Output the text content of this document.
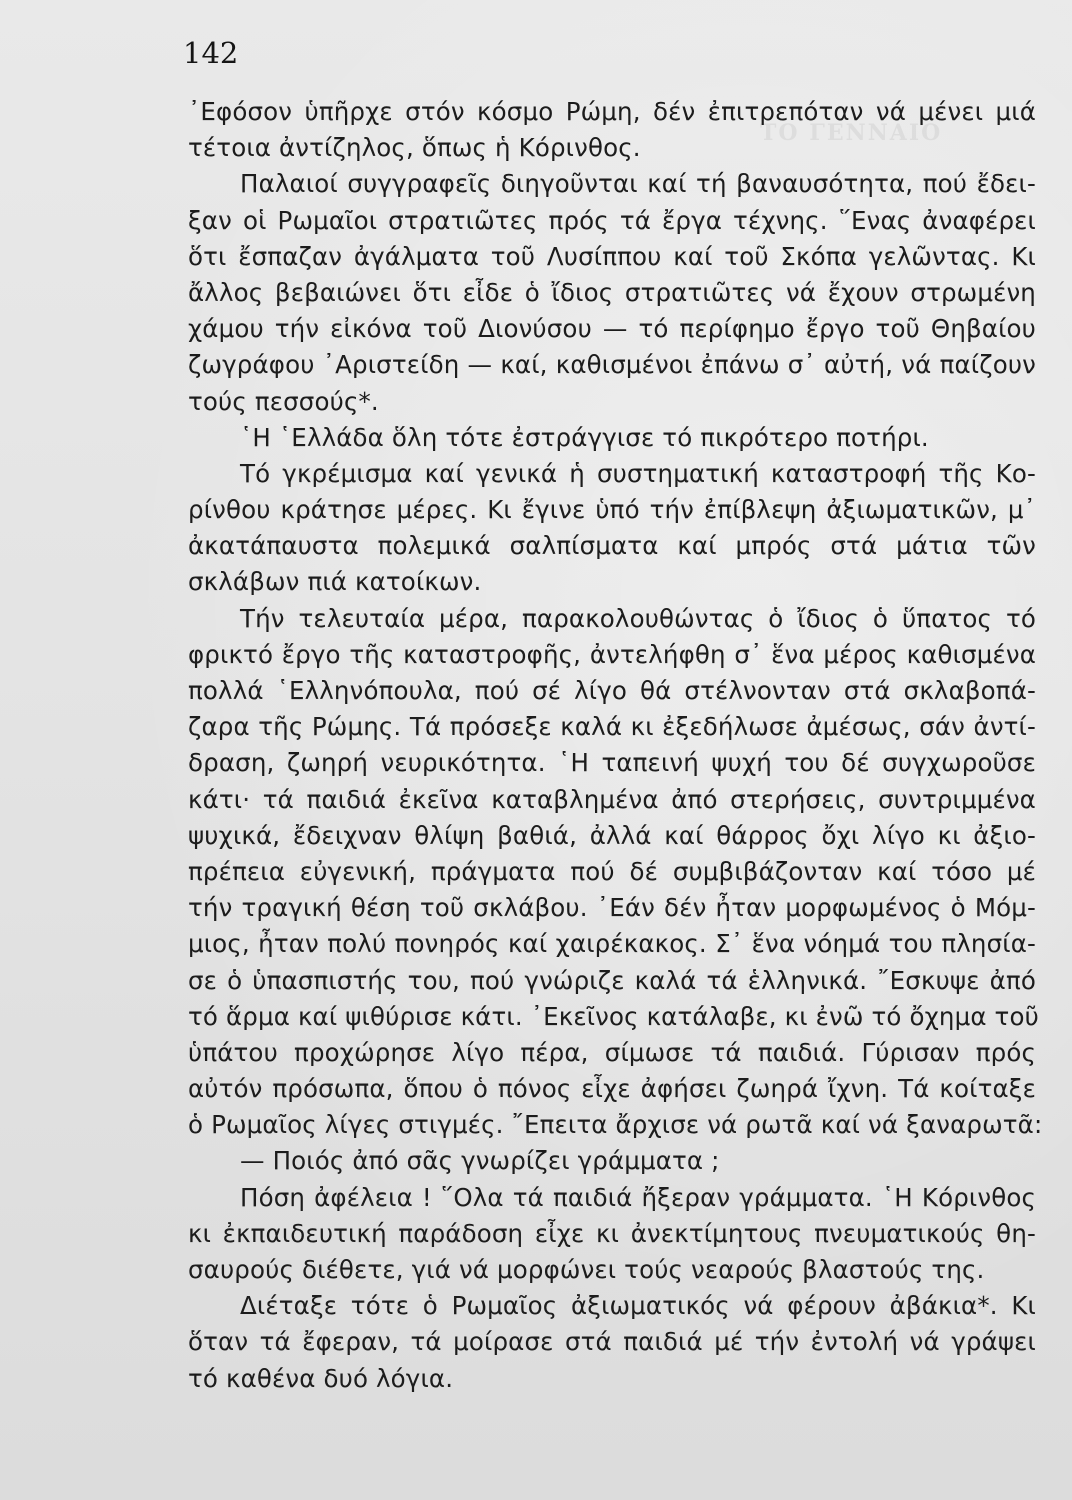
ΤΟ ΓΕΝΝΑΙΟ
142
᾿Εφόσον ὑπῆρχε στόν κόσμο Ρώμη, δέν ἐπιτρεπόταν νά μένει μιά
τέτοια ἀντίζηλος, ὅπως ἡ Κόρινθος.
Παλαιοί συγγραφεῖς διηγοῦνται καί τή βαναυσότητα, πού ἔδει-
ξαν οἱ Ρωμαῖοι στρατιῶτες πρός τά ἔργα τέχνης. ῞Ενας ἀναφέρει
ὅτι ἔσπαζαν ἀγάλματα τοῦ Λυσίππου καί τοῦ Σκόπα γελῶντας. Κι
ἄλλος βεβαιώνει ὅτι εἶδε ὁ ἴδιος στρατιῶτες νά ἔχουν στρωμένη
χάμου τήν εἰκόνα τοῦ Διονύσου — τό περίφημο ἔργο τοῦ Θηβαίου
ζωγράφου ᾿Αριστείδη — καί, καθισμένοι ἐπάνω σ᾿ αὐτή, νά παίζουν
τούς πεσσούς*.
῾Η ῾Ελλάδα ὅλη τότε ἐστράγγισε τό πικρότερο ποτήρι.
Τό γκρέμισμα καί γενικά ἡ συστηματική καταστροφή τῆς Κο-
ρίνθου κράτησε μέρες. Κι ἔγινε ὑπό τήν ἐπίβλεψη ἀξιωματικῶν, μ᾿
ἀκατάπαυστα πολεμικά σαλπίσματα καί μπρός στά μάτια τῶν
σκλάβων πιά κατοίκων.
Τήν τελευταία μέρα, παρακολουθώντας ὁ ἴδιος ὁ ὕπατος τό
φρικτό ἔργο τῆς καταστροφῆς, ἀντελήφθη σ᾿ ἕνα μέρος καθισμένα
πολλά ῾Ελληνόπουλα, πού σέ λίγο θά στέλνονταν στά σκλαβοπά-
ζαρα τῆς Ρώμης. Τά πρόσεξε καλά κι ἐξεδήλωσε ἀμέσως, σάν ἀντί-
δραση, ζωηρή νευρικότητα. ῾Η ταπεινή ψυχή του δέ συγχωροῦσε
κάτι· τά παιδιά ἐκεῖνα καταβλημένα ἀπό στερήσεις, συντριμμένα
ψυχικά, ἔδειχναν θλίψη βαθιά, ἀλλά καί θάρρος ὄχι λίγο κι ἀξιο-
πρέπεια εὐγενική, πράγματα πού δέ συμβιβάζονταν καί τόσο μέ
τήν τραγική θέση τοῦ σκλάβου. ᾿Εάν δέν ἦταν μορφωμένος ὁ Μόμ-
μιος, ἦταν πολύ πονηρός καί χαιρέκακος. Σ᾿ ἕνα νόημά του πλησία-
σε ὁ ὑπασπιστής του, πού γνώριζε καλά τά ἑλληνικά. ῎Εσκυψε ἀπό
τό ἅρμα καί ψιθύρισε κάτι. ᾿Εκεῖνος κατάλαβε, κι ἐνῶ τό ὄχημα τοῦ
ὑπάτου προχώρησε λίγο πέρα, σίμωσε τά παιδιά. Γύρισαν πρός
αὐτόν πρόσωπα, ὅπου ὁ πόνος εἶχε ἀφήσει ζωηρά ἴχνη. Τά κοίταξε
ὁ Ρωμαῖος λίγες στιγμές. ῎Επειτα ἄρχισε νά ρωτᾶ καί νά ξαναρωτᾶ:
— Ποιός ἀπό σᾶς γνωρίζει γράμματα ;
Πόση ἀφέλεια ! ῞Ολα τά παιδιά ἤξεραν γράμματα. ῾Η Κόρινθος
κι ἐκπαιδευτική παράδοση εἶχε κι ἀνεκτίμητους πνευματικούς θη-
σαυρούς διέθετε, γιά νά μορφώνει τούς νεαρούς βλαστούς της.
Διέταξε τότε ὁ Ρωμαῖος ἀξιωματικός νά φέρουν ἀβάκια*. Κι
ὅταν τά ἔφεραν, τά μοίρασε στά παιδιά μέ τήν ἐντολή νά γράψει
τό καθένα δυό λόγια.
